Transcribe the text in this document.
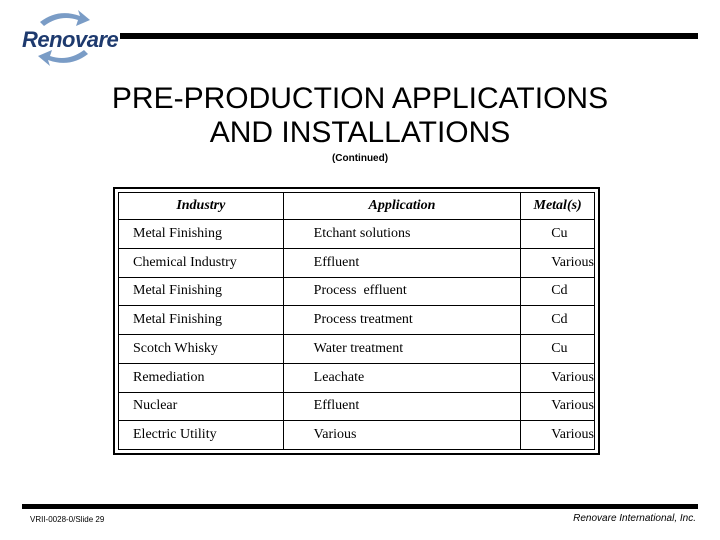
Renovare
PRE-PRODUCTION APPLICATIONS
AND INSTALLATIONS
(Continued)
Industry	Application	Metal(s)
Metal Finishing	Etchant solutions	Cu
Chemical Industry	Effluent	Various
Metal Finishing	Process  effluent	Cd
Metal Finishing	Process treatment	Cd
Scotch Whisky	Water treatment	Cu
Remediation	Leachate	Various
Nuclear	Effluent	Various
Electric Utility	Various	Various
VRII-0028-0/Slide 29	Renovare International, Inc.
